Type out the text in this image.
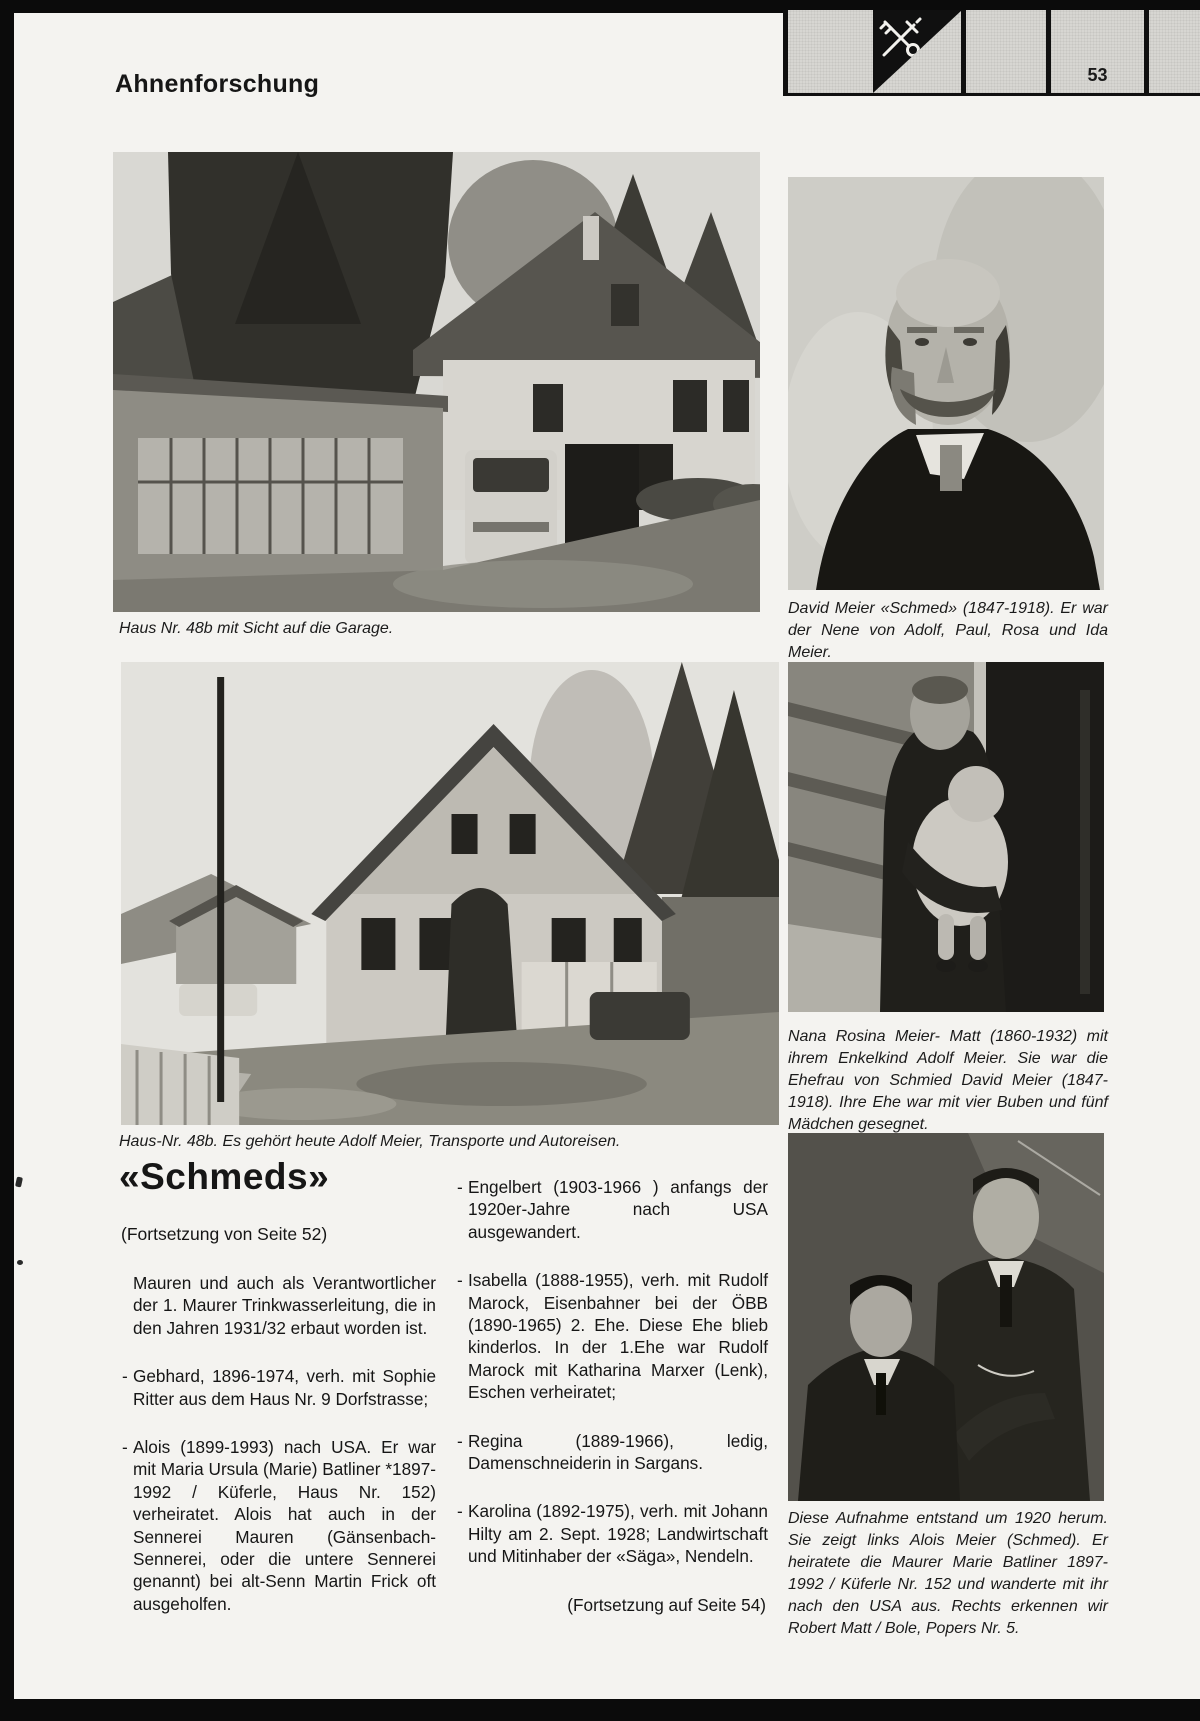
Ahnenforschung	53
Haus Nr. 48b mit Sicht auf die Garage.
David Meier «Schmed» (1847-1918). Er war der Nene von Adolf, Paul, Rosa und Ida Meier.
Haus-Nr. 48b. Es gehört heute Adolf Meier, Transporte und Autoreisen.
Nana Rosina Meier- Matt (1860-1932) mit ihrem Enkelkind Adolf Meier. Sie war die Ehefrau von Schmied David Meier (1847-1918). Ihre Ehe war mit vier Buben und fünf Mädchen gesegnet.
Diese Aufnahme entstand um 1920 herum. Sie zeigt links Alois Meier (Schmed). Er heiratete die Maurer Marie Batliner 1897-1992 / Küferle Nr. 152 und wanderte mit ihr nach den USA aus. Rechts erkennen wir Robert Matt / Bole, Popers Nr. 5.
«Schmeds»
(Fortsetzung von Seite 52)

Mauren und auch als Verantwortlicher der 1. Maurer Trinkwasserleitung, die in den Jahren 1931/32 erbaut worden ist.

- Gebhard, 1896-1974, verh. mit Sophie Ritter aus dem Haus Nr. 9 Dorfstrasse;

- Alois (1899-1993) nach USA. Er war mit Maria Ursula (Marie) Batliner *1897-1992 / Küferle, Haus Nr. 152) verheiratet. Alois hat auch in der Sennerei Mauren (Gänsenbach-Sennerei, oder die untere Sennerei genannt) bei alt-Senn Martin Frick oft ausgeholfen.

- Engelbert (1903-1966 ) anfangs der 1920er-Jahre nach USA ausgewandert.

- Isabella (1888-1955), verh. mit Rudolf Marock, Eisenbahner bei der ÖBB (1890-1965) 2. Ehe. Diese Ehe blieb kinderlos. In der 1.Ehe war Rudolf Marock mit Katharina Marxer (Lenk), Eschen verheiratet;

- Regina (1889-1966), ledig, Damenschneiderin in Sargans.

- Karolina (1892-1975), verh. mit Johann Hilty am 2. Sept. 1928; Landwirtschaft und Mitinhaber der «Säga», Nendeln.

(Fortsetzung auf Seite 54)
